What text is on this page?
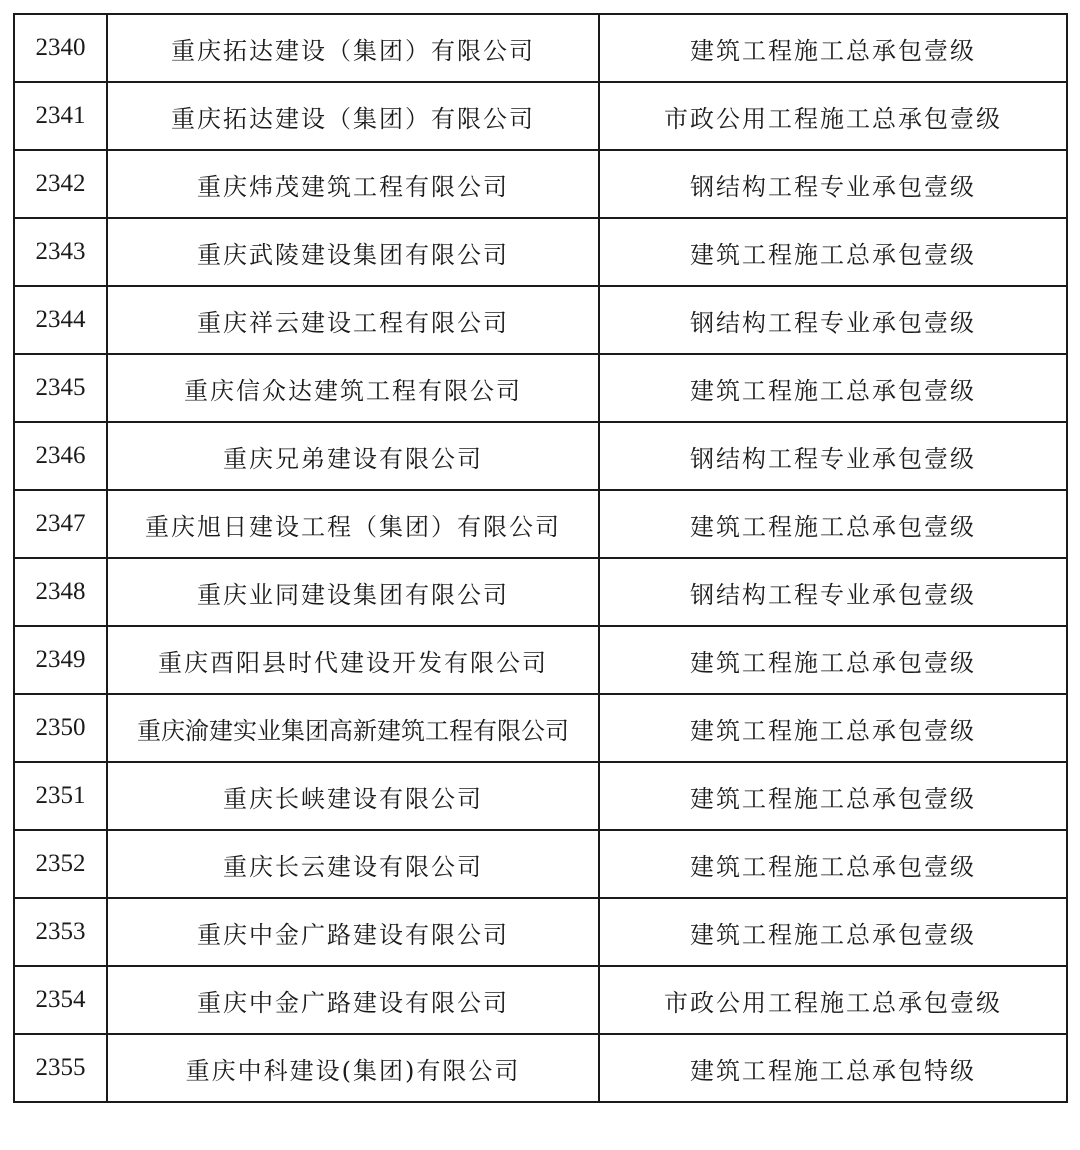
2340	重庆拓达建设（集团）有限公司	建筑工程施工总承包壹级
2341	重庆拓达建设（集团）有限公司	市政公用工程施工总承包壹级
2342	重庆炜茂建筑工程有限公司	钢结构工程专业承包壹级
2343	重庆武陵建设集团有限公司	建筑工程施工总承包壹级
2344	重庆祥云建设工程有限公司	钢结构工程专业承包壹级
2345	重庆信众达建筑工程有限公司	建筑工程施工总承包壹级
2346	重庆兄弟建设有限公司	钢结构工程专业承包壹级
2347	重庆旭日建设工程（集团）有限公司	建筑工程施工总承包壹级
2348	重庆业同建设集团有限公司	钢结构工程专业承包壹级
2349	重庆酉阳县时代建设开发有限公司	建筑工程施工总承包壹级
2350	重庆渝建实业集团高新建筑工程有限公司	建筑工程施工总承包壹级
2351	重庆长峡建设有限公司	建筑工程施工总承包壹级
2352	重庆长云建设有限公司	建筑工程施工总承包壹级
2353	重庆中金广路建设有限公司	建筑工程施工总承包壹级
2354	重庆中金广路建设有限公司	市政公用工程施工总承包壹级
2355	重庆中科建设(集团)有限公司	建筑工程施工总承包特级
